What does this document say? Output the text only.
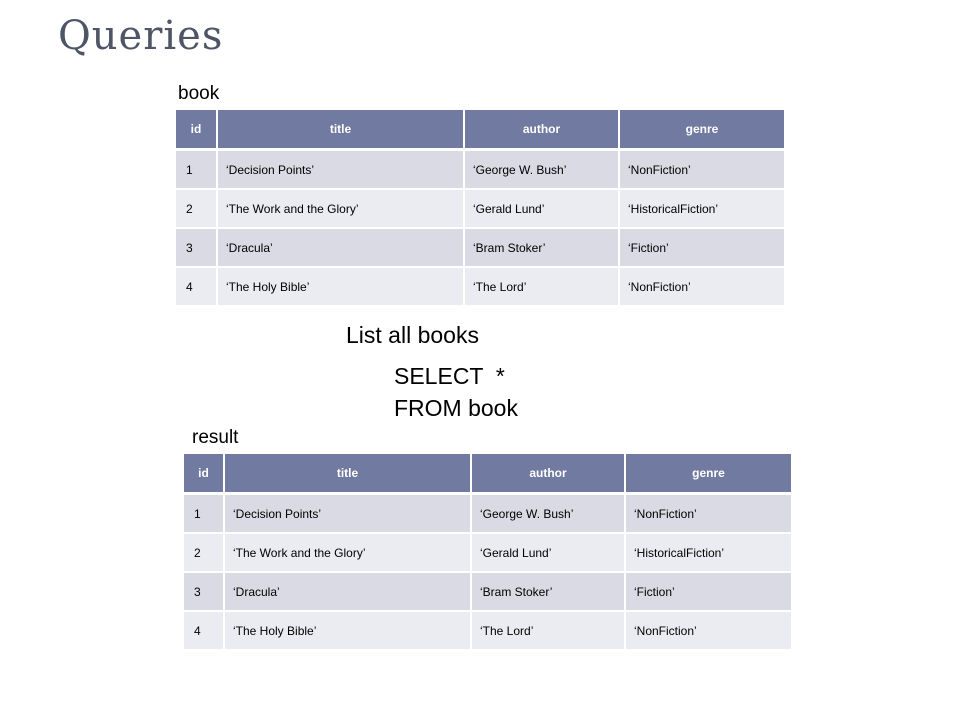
Queries
book
id	title	author	genre
1	‘Decision Points’	‘George W. Bush’	‘NonFiction’
2	‘The Work and the Glory’	‘Gerald Lund’	‘HistoricalFiction’
3	‘Dracula’	‘Bram Stoker’	‘Fiction’
4	‘The Holy Bible’	‘The Lord’	‘NonFiction’
List all books
SELECT  *
FROM book
result
id	title	author	genre
1	‘Decision Points’	‘George W. Bush’	‘NonFiction’
2	‘The Work and the Glory’	‘Gerald Lund’	‘HistoricalFiction’
3	‘Dracula’	‘Bram Stoker’	‘Fiction’
4	‘The Holy Bible’	‘The Lord’	‘NonFiction’
